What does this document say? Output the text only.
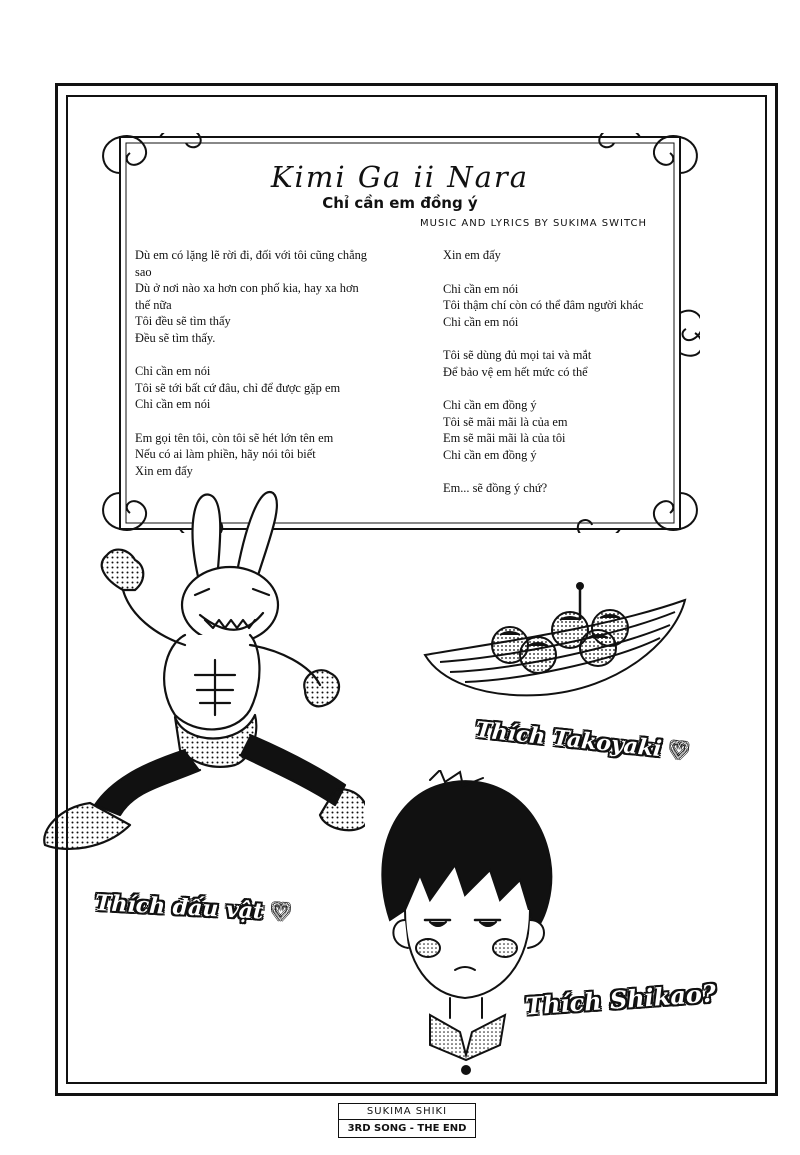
Kimi Ga ii Nara
Chỉ cần em đồng ý
MUSIC AND LYRICS BY SUKIMA SWITCH
Dù em có lặng lẽ rời đi, đối với tôi cũng chẳng
sao
Dù ở nơi nào xa hơn con phố kia, hay xa hơn
thế nữa
Tôi đều sẽ tìm thấy
Đều sẽ tìm thấy.
Chỉ cần em nói
Tôi sẽ tới bất cứ đâu, chỉ để được gặp em
Chỉ cần em nói
Em gọi tên tôi, còn tôi sẽ hét lớn tên em
Nếu có ai làm phiền, hãy nói tôi biết
Xin em đấy
Xin em đấy
Chỉ cần em nói
Tôi thậm chí còn có thể đâm người khác
Chỉ cần em nói
Tôi sẽ dùng đủ mọi tai và mắt
Để bảo vệ em hết mức có thể
Chỉ cần em đồng ý
Tôi sẽ mãi mãi là của em
Em sẽ mãi mãi là của tôi
Chỉ cần em đồng ý
Em... sẽ đồng ý chứ?
Thích Takoyaki ♡
Thích đấu vật ♡
Thích Shikao?
SUKIMA SHIKI
3RD SONG - THE END
